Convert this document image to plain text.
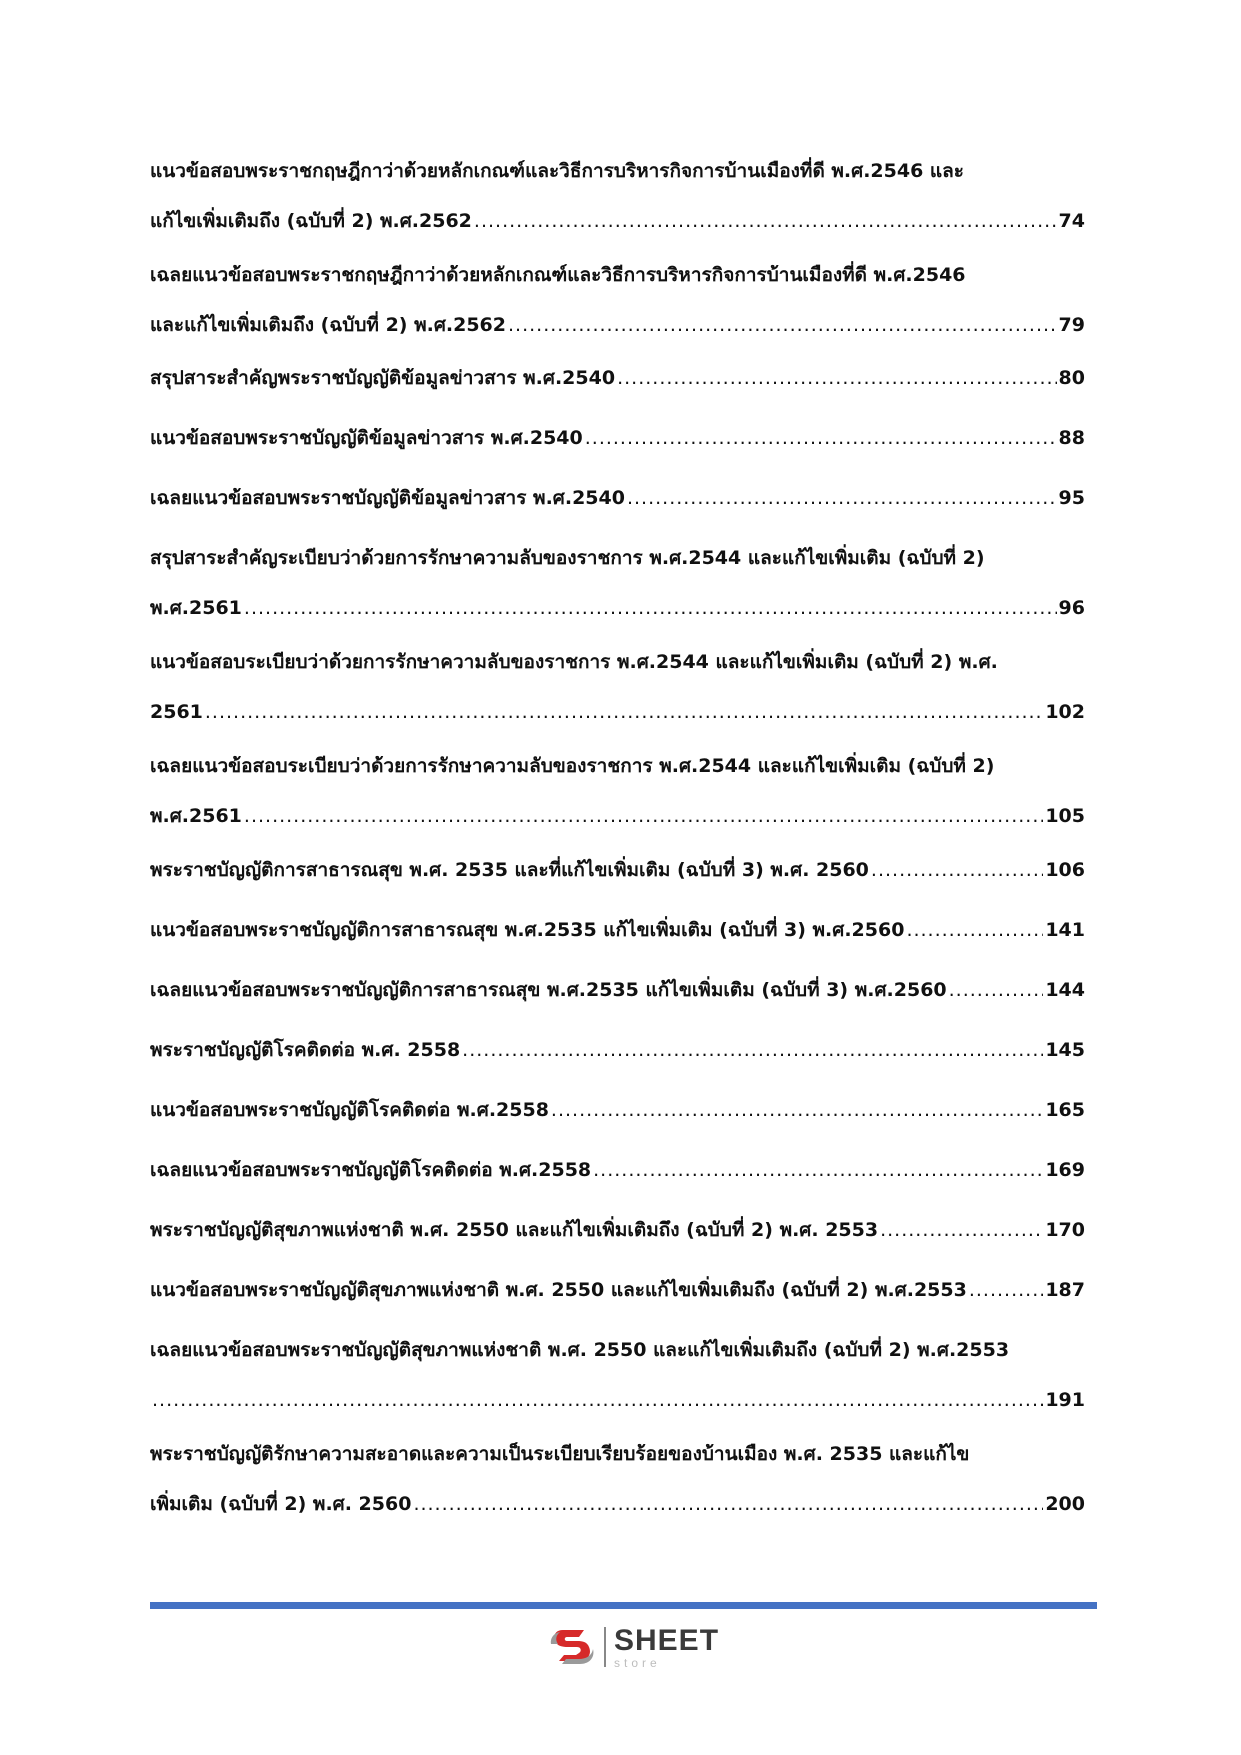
แนวข้อสอบพระราชกฤษฎีกาว่าด้วยหลักเกณฑ์และวิธีการบริหารกิจการบ้านเมืองที่ดี พ.ศ.2546 และ
แก้ไขเพิ่มเติมถึง (ฉบับที่ 2) พ.ศ.2562 .....	74
เฉลยแนวข้อสอบพระราชกฤษฎีกาว่าด้วยหลักเกณฑ์และวิธีการบริหารกิจการบ้านเมืองที่ดี พ.ศ.2546
และแก้ไขเพิ่มเติมถึง (ฉบับที่ 2) พ.ศ.2562 .....	79
สรุปสาระสำคัญพระราชบัญญัติข้อมูลข่าวสาร พ.ศ.2540 .....	80
แนวข้อสอบพระราชบัญญัติข้อมูลข่าวสาร พ.ศ.2540 .....	88
เฉลยแนวข้อสอบพระราชบัญญัติข้อมูลข่าวสาร พ.ศ.2540 .....	95
สรุปสาระสำคัญระเบียบว่าด้วยการรักษาความลับของราชการ พ.ศ.2544 และแก้ไขเพิ่มเติม (ฉบับที่ 2)
พ.ศ.2561 .....	96
แนวข้อสอบระเบียบว่าด้วยการรักษาความลับของราชการ พ.ศ.2544 และแก้ไขเพิ่มเติม (ฉบับที่ 2) พ.ศ.
2561 .....	102
เฉลยแนวข้อสอบระเบียบว่าด้วยการรักษาความลับของราชการ พ.ศ.2544 และแก้ไขเพิ่มเติม (ฉบับที่ 2)
พ.ศ.2561 .....	105
พระราชบัญญัติการสาธารณสุข พ.ศ. 2535 และที่แก้ไขเพิ่มเติม (ฉบับที่ 3) พ.ศ. 2560 .....	106
แนวข้อสอบพระราชบัญญัติการสาธารณสุข พ.ศ.2535 แก้ไขเพิ่มเติม (ฉบับที่ 3) พ.ศ.2560 .....	141
เฉลยแนวข้อสอบพระราชบัญญัติการสาธารณสุข พ.ศ.2535 แก้ไขเพิ่มเติม (ฉบับที่ 3) พ.ศ.2560 .....	144
พระราชบัญญัติโรคติดต่อ พ.ศ. 2558 .....	145
แนวข้อสอบพระราชบัญญัติโรคติดต่อ พ.ศ.2558 .....	165
เฉลยแนวข้อสอบพระราชบัญญัติโรคติดต่อ พ.ศ.2558 .....	169
พระราชบัญญัติสุขภาพแห่งชาติ พ.ศ. 2550 และแก้ไขเพิ่มเติมถึง (ฉบับที่ 2) พ.ศ. 2553 .....	170
แนวข้อสอบพระราชบัญญัติสุขภาพแห่งชาติ พ.ศ. 2550 และแก้ไขเพิ่มเติมถึง (ฉบับที่ 2) พ.ศ.2553 .....	187
เฉลยแนวข้อสอบพระราชบัญญัติสุขภาพแห่งชาติ พ.ศ. 2550 และแก้ไขเพิ่มเติมถึง (ฉบับที่ 2) พ.ศ.2553
.....
191
พระราชบัญญัติรักษาความสะอาดและความเป็นระเบียบเรียบร้อยของบ้านเมือง พ.ศ. 2535 และแก้ไข
เพิ่มเติม (ฉบับที่ 2) พ.ศ. 2560 .....	200
SHEET
store
